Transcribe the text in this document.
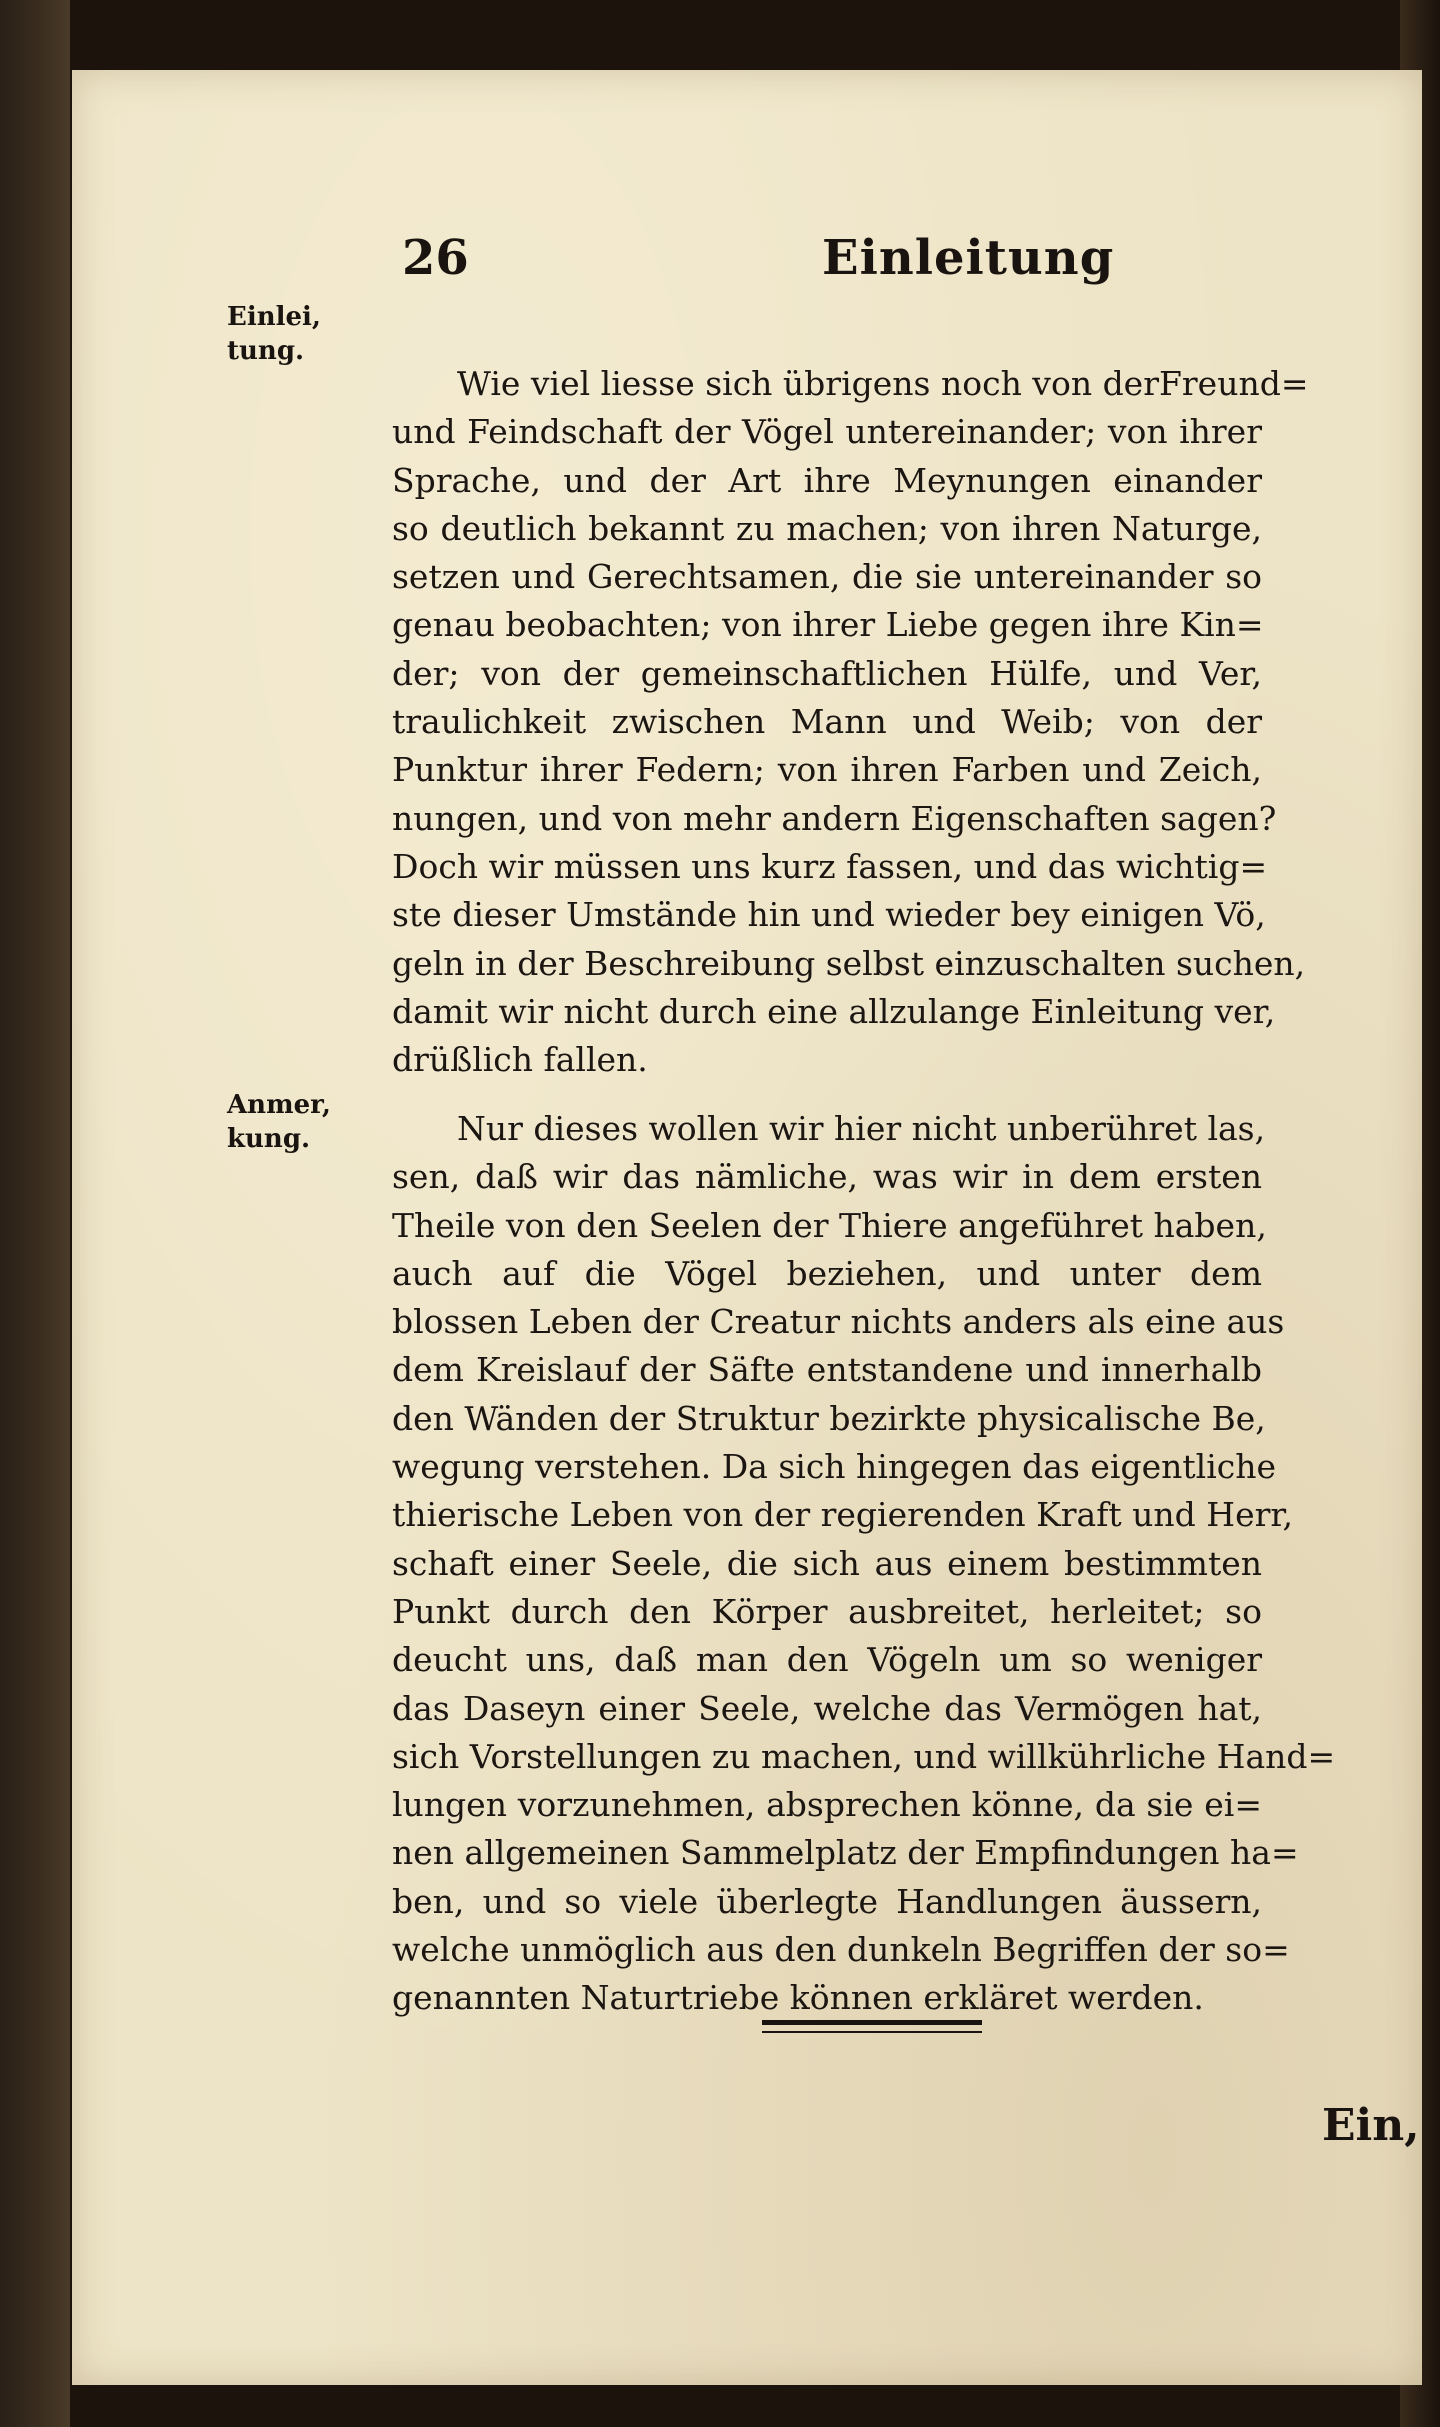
26	Einleitung
Einlei,
tung.
Wie viel liesse sich übrigens noch von derFreund=
und Feindschaft der Vögel untereinander; von ihrer
Sprache, und der Art ihre Meynungen einander
so deutlich bekannt zu machen; von ihren Naturge,
setzen und Gerechtsamen, die sie untereinander so
genau beobachten; von ihrer Liebe gegen ihre Kin=
der; von der gemeinschaftlichen Hülfe, und Ver,
traulichkeit zwischen Mann und Weib; von der
Punktur ihrer Federn; von ihren Farben und Zeich,
nungen, und von mehr andern Eigenschaften sagen?
Doch wir müssen uns kurz fassen, und das wichtig=
ste dieser Umstände hin und wieder bey einigen Vö,
geln in der Beschreibung selbst einzuschalten suchen,
damit wir nicht durch eine allzulange Einleitung ver,
drüßlich fallen.
Anmer,
kung.	Nur dieses wollen wir hier nicht unberühret las,
sen, daß wir das nämliche, was wir in dem ersten
Theile von den Seelen der Thiere angeführet haben,
auch auf die Vögel beziehen, und unter dem
blossen Leben der Creatur nichts anders als eine aus
dem Kreislauf der Säfte entstandene und innerhalb
den Wänden der Struktur bezirkte physicalische Be,
wegung verstehen. Da sich hingegen das eigentliche
thierische Leben von der regierenden Kraft und Herr,
schaft einer Seele, die sich aus einem bestimmten
Punkt durch den Körper ausbreitet, herleitet; so
deucht uns, daß man den Vögeln um so weniger
das Daseyn einer Seele, welche das Vermögen hat,
sich Vorstellungen zu machen, und willkührliche Hand=
lungen vorzunehmen, absprechen könne, da sie ei=
nen allgemeinen Sammelplatz der Empfindungen ha=
ben, und so viele überlegte Handlungen äussern,
welche unmöglich aus den dunkeln Begriffen der so=
genannten Naturtriebe können erkläret werden.
Ein,
